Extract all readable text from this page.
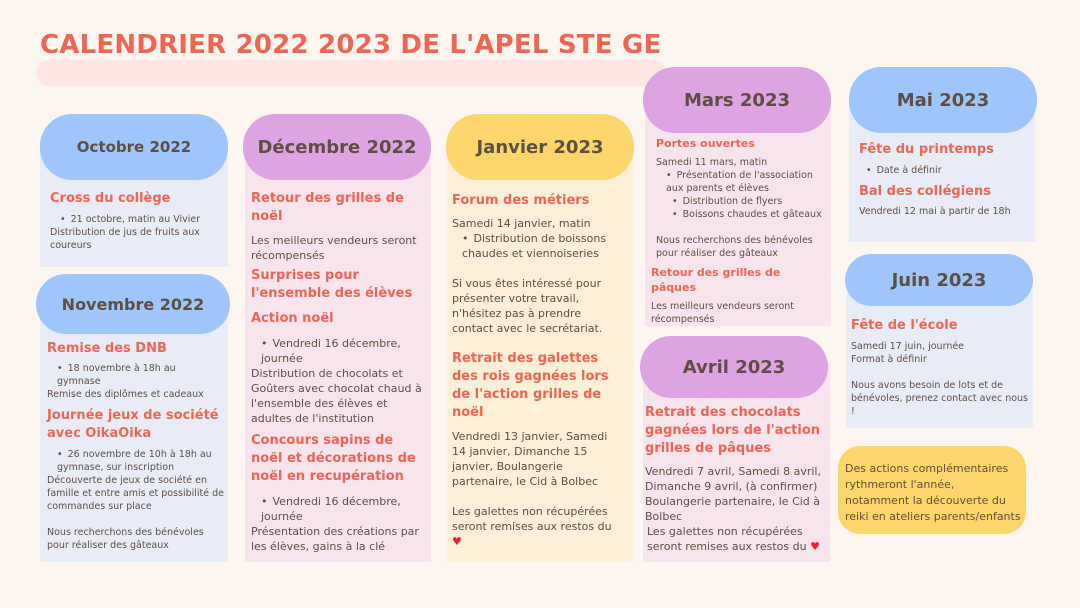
CALENDRIER 2022 2023 DE L'APEL STE GE
Octobre 2022

Cross du collège

• 21 octobre, matin au Vivier

Distribution de jus de fruits aux coureurs

Novembre 2022

Remise des DNB

• 18 novembre à 18h au gymnase

Remise des diplômes et cadeaux

Journée jeux de société avec OikaOika

• 26 novembre de 10h à 18h au gymnase, sur inscription

Découverte de jeux de société en famille et entre amis et possibilité de commandes sur place

Nous recherchons des bénévoles pour réaliser des gâteaux

Décembre 2022

Retour des grilles de noël

Les meilleurs vendeurs seront récompensés

Surprises pour l'ensemble des élèves

Action noël

• Vendredi 16 décembre, journée

Distribution de chocolats et Goûters avec chocolat chaud à l'ensemble des élèves et adultes de l'institution

Concours sapins de noël et décorations de noël en recupération

• Vendredi 16 décembre, journée

Présentation des créations par les élèves, gains à la clé

Janvier 2023

Forum des métiers

Samedi 14 janvier, matin

• Distribution de boissons chaudes et viennoiseries

Si vous êtes intéressé pour présenter votre travail, n'hésitez pas à prendre contact avec le secrétariat.

Retrait des galettes des rois gagnées lors de l'action grilles de noël

Vendredi 13 janvier, Samedi 14 janvier, Dimanche 15 janvier, Boulangerie partenaire, le Cid à Bolbec

Les galettes non récupérées seront remises aux restos du ♥

Mars 2023

Portes ouvertes

Samedi 11 mars, matin

• Présentation de l'association aux parents et élèves

• Distribution de flyers

• Boissons chaudes et gâteaux

Nous recherchons des bénévoles pour réaliser des gâteaux

Retour des grilles de pâques

Les meilleurs vendeurs seront récompensés

Avril 2023

Retrait des chocolats gagnées lors de l'action grilles de pâques

Vendredi 7 avril, Samedi 8 avril, Dimanche 9 avril, (à confirmer) Boulangerie partenaire, le Cid à Bolbec

Les galettes non récupérées seront remises aux restos du ♥

Mai 2023

Fête du printemps

• Date à définir

Bal des collégiens

Vendredi 12 mai à partir de 18h

Juin 2023

Fête de l'école

Samedi 17 juin, journée

Format à définir

Nous avons besoin de lots et de bénévoles, prenez contact avec nous !

Des actions complémentaires rythmeront l'année, notamment la découverte du reiki en ateliers parents/enfants
